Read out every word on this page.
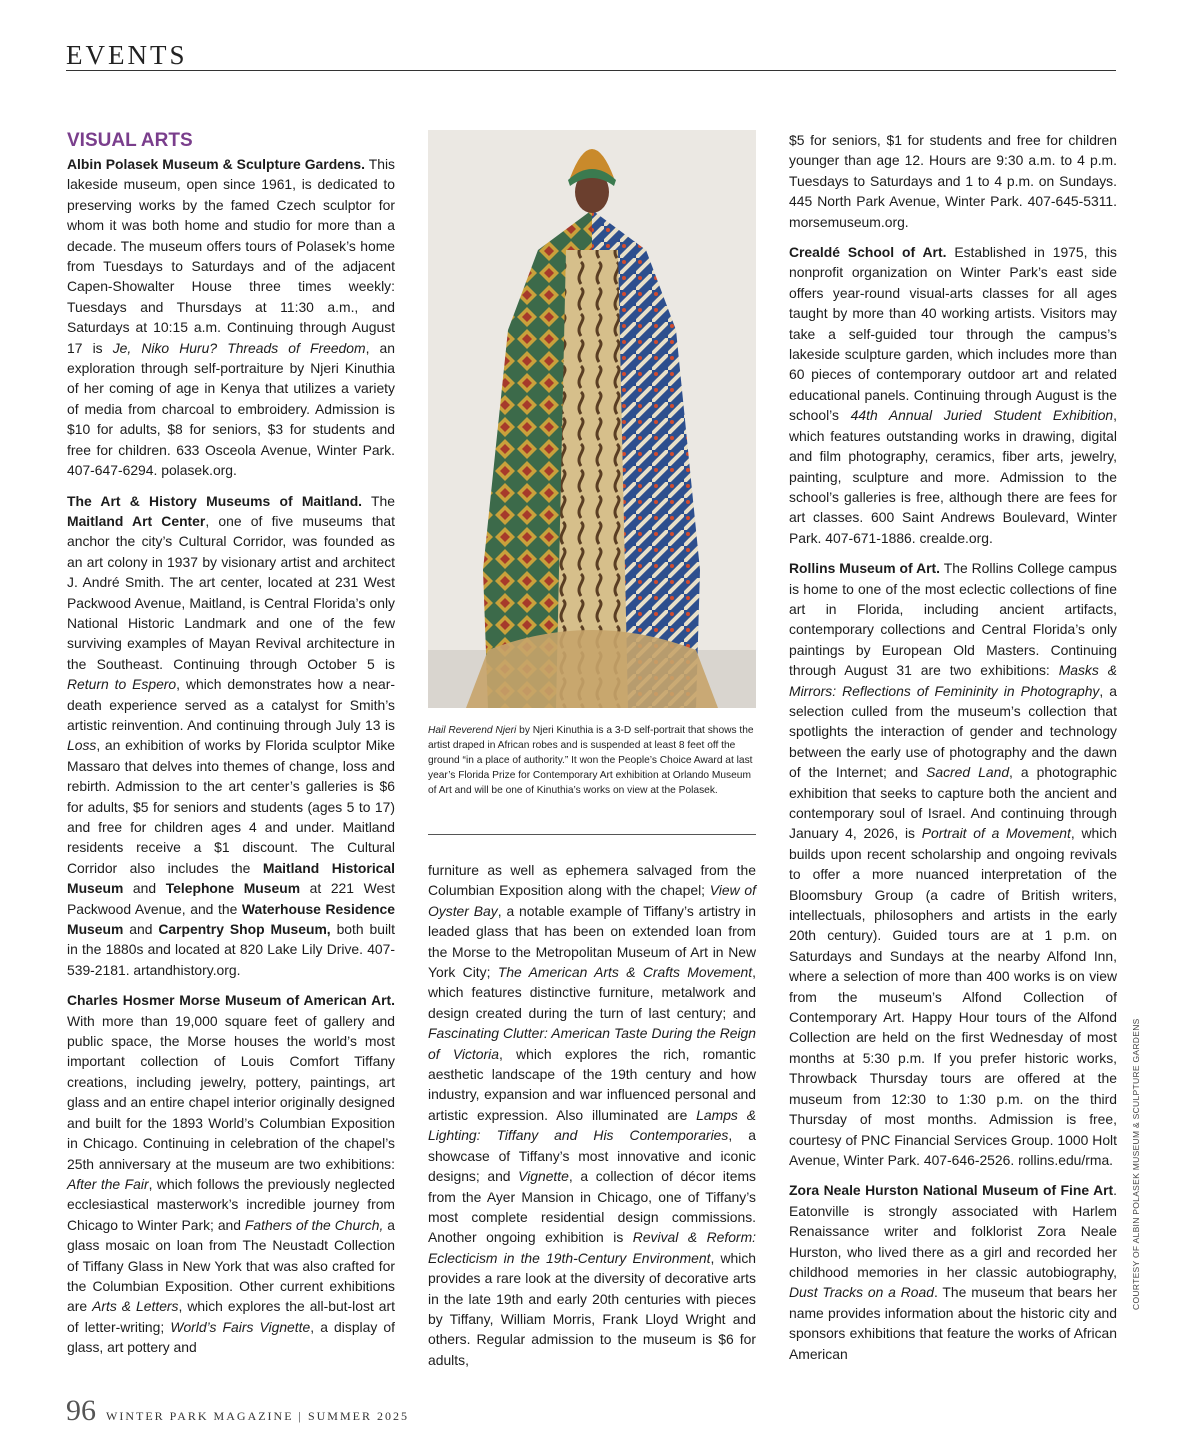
EVENTS
VISUAL ARTS

Albin Polasek Museum & Sculpture Gardens. This lakeside museum, open since 1961, is dedicated to preserving works by the famed Czech sculptor for whom it was both home and studio for more than a decade. The museum offers tours of Polasek’s home from Tuesdays to Saturdays and of the adjacent Capen-Showalter House three times weekly: Tuesdays and Thursdays at 11:30 a.m., and Saturdays at 10:15 a.m. Continuing through August 17 is Je, Niko Huru? Threads of Freedom, an exploration through self-portraiture by Njeri Kinuthia of her coming of age in Kenya that utilizes a variety of media from charcoal to embroidery. Admission is $10 for adults, $8 for seniors, $3 for students and free for children. 633 Osceola Avenue, Winter Park. 407-647-6294. polasek.org.

The Art & History Museums of Maitland. The Maitland Art Center, one of five museums that anchor the city’s Cultural Corridor, was founded as an art colony in 1937 by visionary artist and architect J. André Smith. The art center, located at 231 West Packwood Avenue, Maitland, is Central Florida’s only National Historic Landmark and one of the few surviving examples of Mayan Revival architecture in the Southeast. Continuing through October 5 is Return to Espero, which demonstrates how a near-death experience served as a catalyst for Smith’s artistic reinvention. And continuing through July 13 is Loss, an exhibition of works by Florida sculptor Mike Massaro that delves into themes of change, loss and rebirth. Admission to the art center’s galleries is $6 for adults, $5 for seniors and students (ages 5 to 17) and free for children ages 4 and under. Maitland residents receive a $1 discount. The Cultural Corridor also includes the Maitland Historical Museum and Telephone Museum at 221 West Packwood Avenue, and the Waterhouse Residence Museum and Carpentry Shop Museum, both built in the 1880s and located at 820 Lake Lily Drive. 407-539-2181. artandhistory.org.

Charles Hosmer Morse Museum of American Art. With more than 19,000 square feet of gallery and public space, the Morse houses the world’s most important collection of Louis Comfort Tiffany creations, including jewelry, pottery, paintings, art glass and an entire chapel interior originally designed and built for the 1893 World’s Columbian Exposition in Chicago. Continuing in celebration of the chapel’s 25th anniversary at the museum are two exhibitions: After the Fair, which follows the previously neglected ecclesiastical masterwork’s incredible journey from Chicago to Winter Park; and Fathers of the Church, a glass mosaic on loan from The Neustadt Collection of Tiffany Glass in New York that was also crafted for the Columbian Exposition. Other current exhibitions are Arts & Letters, which explores the all-but-lost art of letter-writing; World’s Fairs Vignette, a display of glass, art pottery and

Hail Reverend Njeri by Njeri Kinuthia is a 3-D self-portrait that shows the artist draped in African robes and is suspended at least 8 feet off the ground “in a place of authority.” It won the People’s Choice Award at last year’s Florida Prize for Contemporary Art exhibition at Orlando Museum of Art and will be one of Kinuthia’s works on view at the Polasek.

furniture as well as ephemera salvaged from the Columbian Exposition along with the chapel; View of Oyster Bay, a notable example of Tiffany’s artistry in leaded glass that has been on extended loan from the Morse to the Metropolitan Museum of Art in New York City; The American Arts & Crafts Movement, which features distinctive furniture, metalwork and design created during the turn of last century; and Fascinating Clutter: American Taste During the Reign of Victoria, which explores the rich, romantic aesthetic landscape of the 19th century and how industry, expansion and war influenced personal and artistic expression. Also illuminated are Lamps & Lighting: Tiffany and His Contemporaries, a showcase of Tiffany’s most innovative and iconic designs; and Vignette, a collection of décor items from the Ayer Mansion in Chicago, one of Tiffany’s most complete residential design commissions. Another ongoing exhibition is Revival & Reform: Eclecticism in the 19th-Century Environment, which provides a rare look at the diversity of decorative arts in the late 19th and early 20th centuries with pieces by Tiffany, William Morris, Frank Lloyd Wright and others. Regular admission to the museum is $6 for adults,

$5 for seniors, $1 for students and free for children younger than age 12. Hours are 9:30 a.m. to 4 p.m. Tuesdays to Saturdays and 1 to 4 p.m. on Sundays. 445 North Park Avenue, Winter Park. 407-645-5311. morsemuseum.org.

Crealdé School of Art. Established in 1975, this nonprofit organization on Winter Park’s east side offers year-round visual-arts classes for all ages taught by more than 40 working artists. Visitors may take a self-guided tour through the campus’s lakeside sculpture garden, which includes more than 60 pieces of contemporary outdoor art and related educational panels. Continuing through August is the school’s 44th Annual Juried Student Exhibition, which features outstanding works in drawing, digital and film photography, ceramics, fiber arts, jewelry, painting, sculpture and more. Admission to the school’s galleries is free, although there are fees for art classes. 600 Saint Andrews Boulevard, Winter Park. 407-671-1886. crealde.org.

Rollins Museum of Art. The Rollins College campus is home to one of the most eclectic collections of fine art in Florida, including ancient artifacts, contemporary collections and Central Florida’s only paintings by European Old Masters. Continuing through August 31 are two exhibitions: Masks & Mirrors: Reflections of Femininity in Photography, a selection culled from the museum’s collection that spotlights the interaction of gender and technology between the early use of photography and the dawn of the Internet; and Sacred Land, a photographic exhibition that seeks to capture both the ancient and contemporary soul of Israel. And continuing through January 4, 2026, is Portrait of a Movement, which builds upon recent scholarship and ongoing revivals to offer a more nuanced interpretation of the Bloomsbury Group (a cadre of British writers, intellectuals, philosophers and artists in the early 20th century). Guided tours are at 1 p.m. on Saturdays and Sundays at the nearby Alfond Inn, where a selection of more than 400 works is on view from the museum’s Alfond Collection of Contemporary Art. Happy Hour tours of the Alfond Collection are held on the first Wednesday of most months at 5:30 p.m. If you prefer historic works, Throwback Thursday tours are offered at the museum from 12:30 to 1:30 p.m. on the third Thursday of most months. Admission is free, courtesy of PNC Financial Services Group. 1000 Holt Avenue, Winter Park. 407-646-2526. rollins.edu/rma.

Zora Neale Hurston National Museum of Fine Art. Eatonville is strongly associated with Harlem Renaissance writer and folklorist Zora Neale Hurston, who lived there as a girl and recorded her childhood memories in her classic autobiography, Dust Tracks on a Road. The museum that bears her name provides information about the historic city and sponsors exhibitions that feature the works of African American

COURTESY OF ALBIN POLASEK MUSEUM & SCULPTURE GARDENS
96 WINTER PARK MAGAZINE | SUMMER 2025
